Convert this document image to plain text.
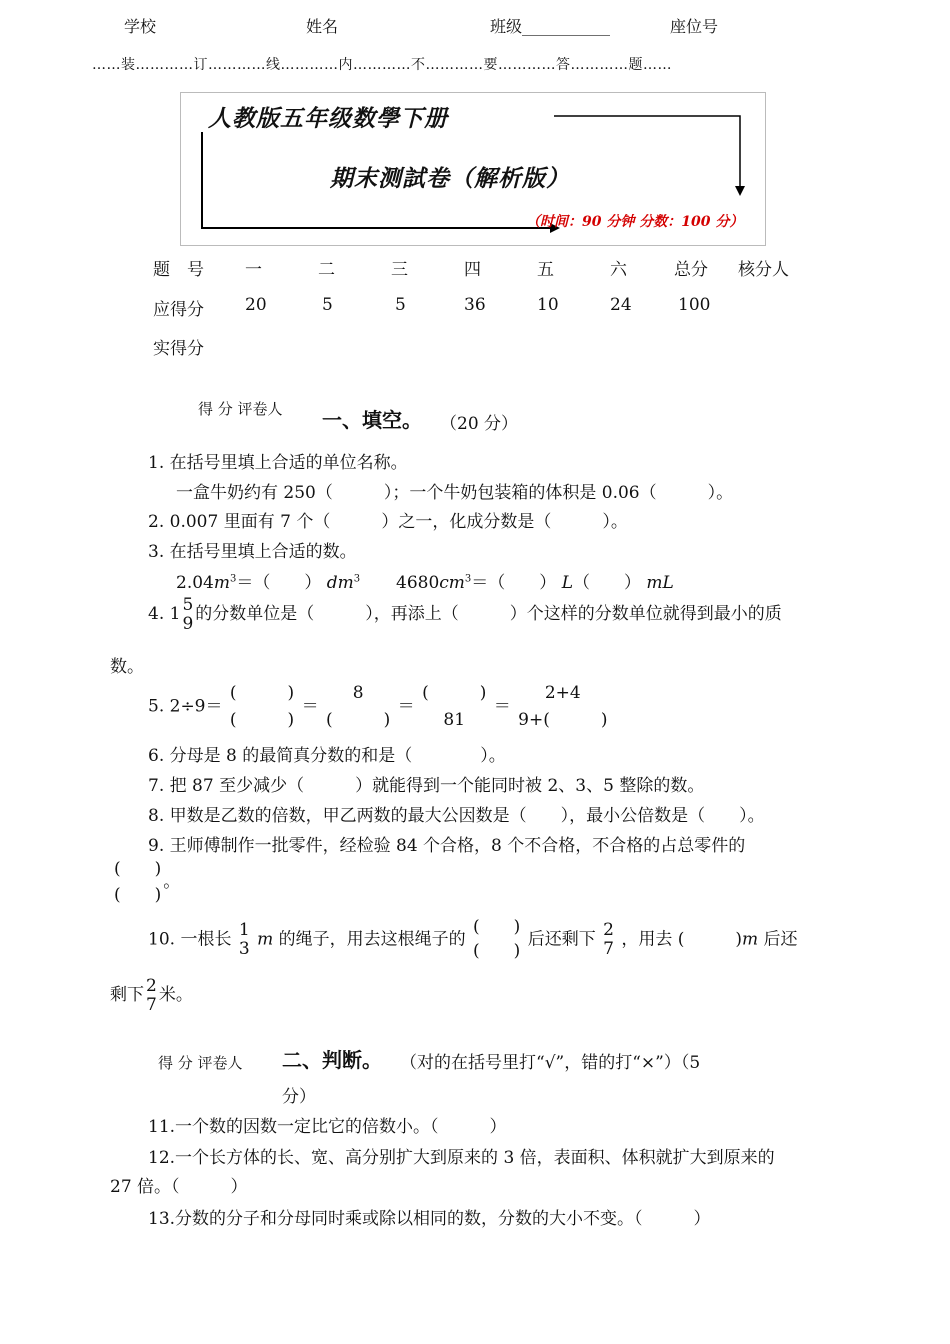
学校	姓名	班级___________	座位号
……装…………订…………线…………内…………不…………要…………答…………题……
人教版五年级数學下册
期末测試卷（解析版）
（时间：90 分钟 分数：100 分）
题　号 一	二	三	四	五	六	总分 核分人
应得分 20	5	5	36	10	24	100
实得分
得 分 评卷人 一、填空。 （20 分）
1. 在括号里填上合适的单位名称。
一盒牛奶约有 250（　　　）；一个牛奶包装箱的体积是 0.06（　　　）。
2. 0.007 里面有 7 个（　　　）之一，化成分数是（　　　）。
3. 在括号里填上合适的数。
$2.04m^3=$（　　） $dm^3$ $4680cm^3=$（　　） L（　　） mL
4. 1 5
9 的分数单位是（　　　），再添上（　　　）个这样的分数单位就得到最小的质
数。
5. 2÷9＝
(　　　)
(　　　)
＝
8
(　　　)
＝
(　　　)
81
＝
2+4
9+(　　　)
6. 分母是 8 的最简真分数的和是（　　　　）。
7. 把 87 至少减少（　　　）就能得到一个能同时被 2、3、5 整除的数。
8. 甲数是乙数的倍数，甲乙两数的最大公因数是（　　），最小公倍数是（　　）。
9. 王师傅制作一批零件，经检验 84 个合格，8 个不合格，不合格的占总零件的
(　　)
(　　)
。
10. 一根长 1
3 m 的绳子，用去这根绳子的
(　　)
(　　)
后还剩下 2
7 ，用去 (　　　)m 后还
剩下 2
7 米。
得 分 评卷人 二、判断。 （对的在括号里打“√”，错的打“×”）（5
分）
11.一个数的因数一定比它的倍数小。（　　　）
12.一个长方体的长、宽、高分别扩大到原来的 3 倍，表面积、体积就扩大到原来的
27 倍。（　　　）
13.分数的分子和分母同时乘或除以相同的数，分数的大小不变。（　　　）
